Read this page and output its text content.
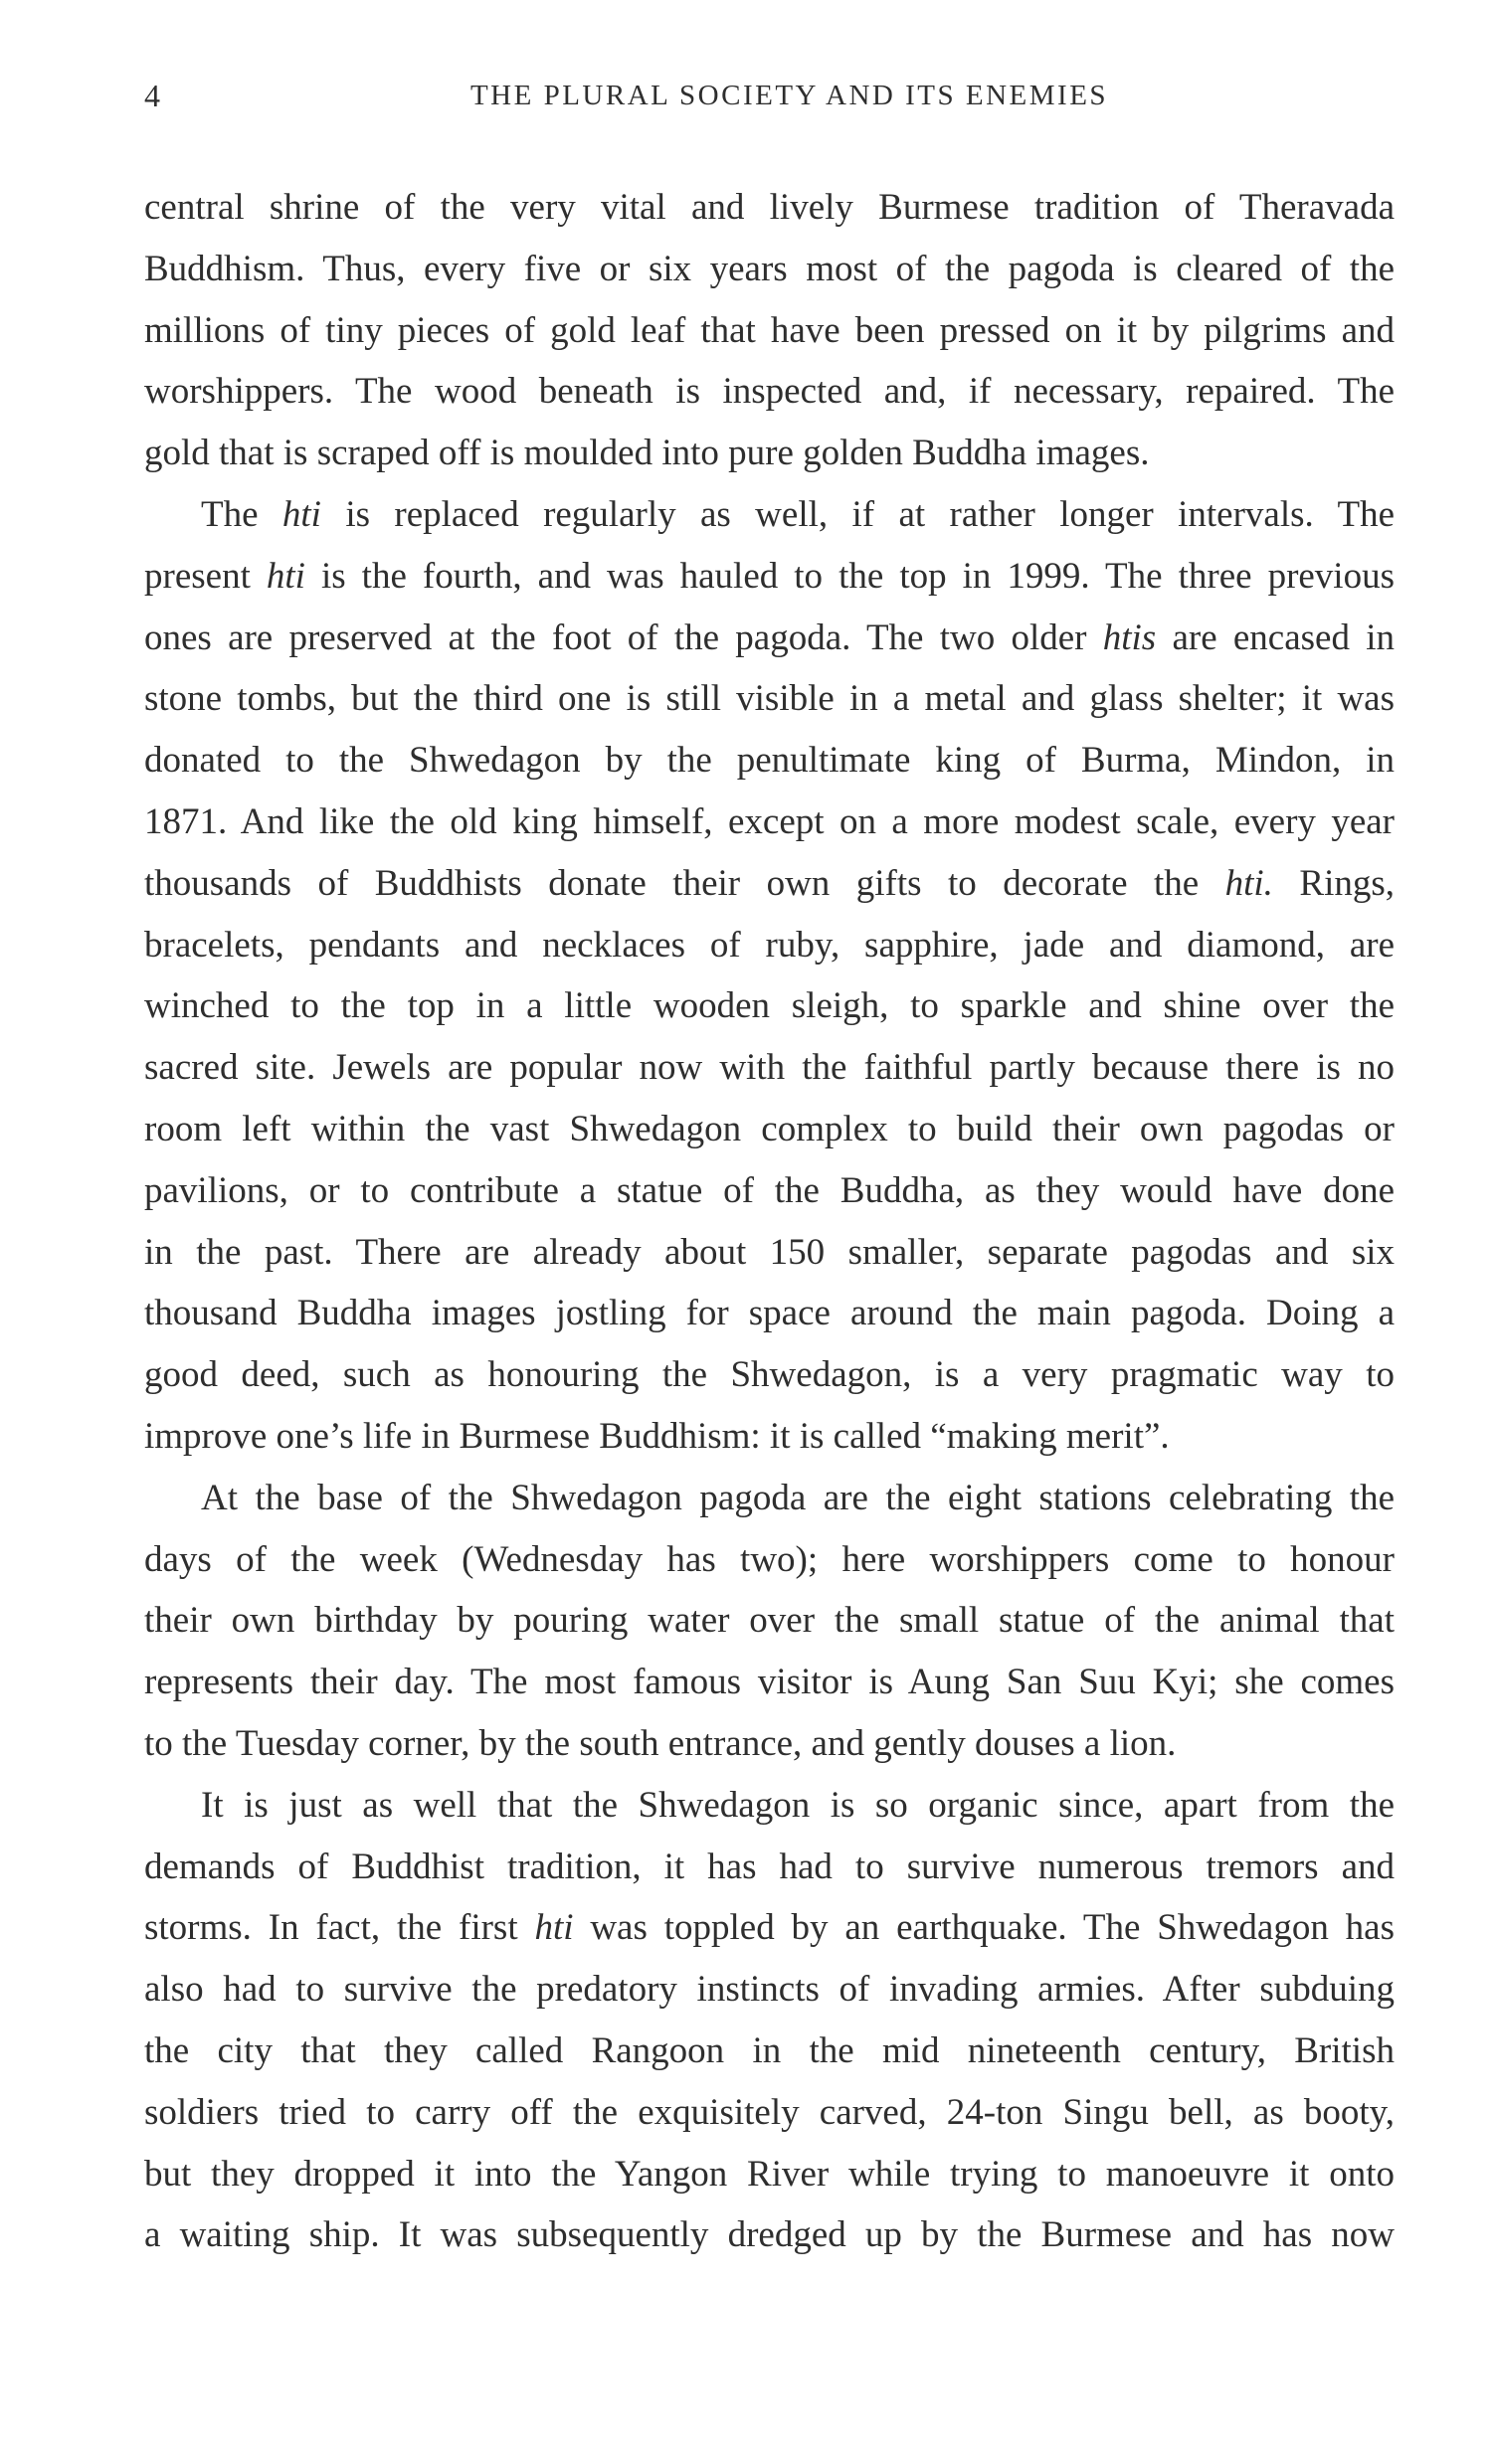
4	THE PLURAL SOCIETY AND ITS ENEMIES
central shrine of the very vital and lively Burmese tradition of Theravada
Buddhism. Thus, every five or six years most of the pagoda is cleared of the
millions of tiny pieces of gold leaf that have been pressed on it by pilgrims and
worshippers. The wood beneath is inspected and, if necessary, repaired. The
gold that is scraped off is moulded into pure golden Buddha images.
The hti is replaced regularly as well, if at rather longer intervals. The
present hti is the fourth, and was hauled to the top in 1999. The three previous
ones are preserved at the foot of the pagoda. The two older htis are encased in
stone tombs, but the third one is still visible in a metal and glass shelter; it was
donated to the Shwedagon by the penultimate king of Burma, Mindon, in
1871. And like the old king himself, except on a more modest scale, every year
thousands of Buddhists donate their own gifts to decorate the hti. Rings,
bracelets, pendants and necklaces of ruby, sapphire, jade and diamond, are
winched to the top in a little wooden sleigh, to sparkle and shine over the
sacred site. Jewels are popular now with the faithful partly because there is no
room left within the vast Shwedagon complex to build their own pagodas or
pavilions, or to contribute a statue of the Buddha, as they would have done
in the past. There are already about 150 smaller, separate pagodas and six
thousand Buddha images jostling for space around the main pagoda. Doing a
good deed, such as honouring the Shwedagon, is a very pragmatic way to
improve one’s life in Burmese Buddhism: it is called “making merit”.
At the base of the Shwedagon pagoda are the eight stations celebrating the
days of the week (Wednesday has two); here worshippers come to honour
their own birthday by pouring water over the small statue of the animal that
represents their day. The most famous visitor is Aung San Suu Kyi; she comes
to the Tuesday corner, by the south entrance, and gently douses a lion.
It is just as well that the Shwedagon is so organic since, apart from the
demands of Buddhist tradition, it has had to survive numerous tremors and
storms. In fact, the first hti was toppled by an earthquake. The Shwedagon has
also had to survive the predatory instincts of invading armies. After subduing
the city that they called Rangoon in the mid nineteenth century, British
soldiers tried to carry off the exquisitely carved, 24-ton Singu bell, as booty,
but they dropped it into the Yangon River while trying to manoeuvre it onto
a waiting ship. It was subsequently dredged up by the Burmese and has now
